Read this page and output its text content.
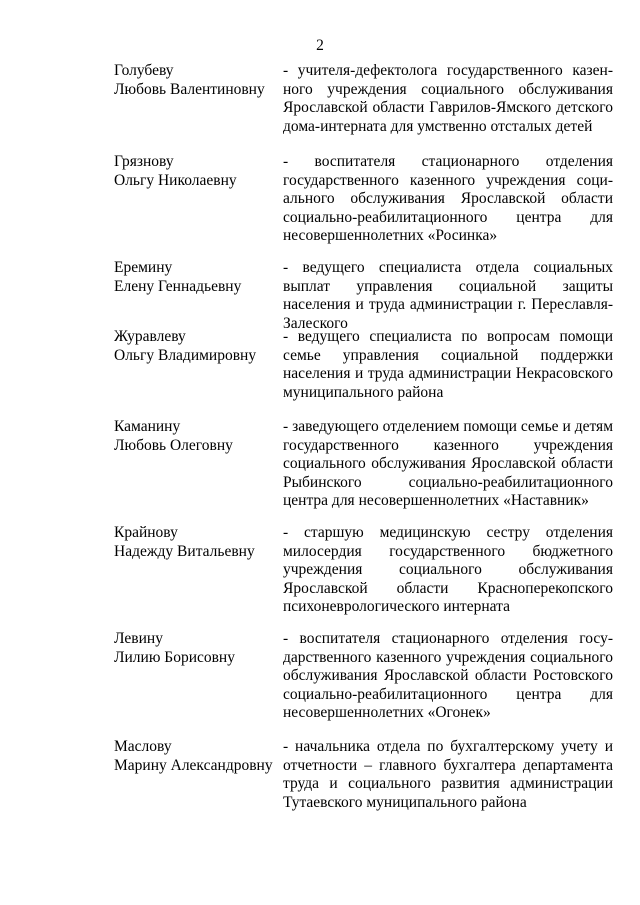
2
Голубеву
Любовь Валентиновну
- учителя-дефектолога государственного казенного учреждения социального обслуживания Ярославской области Гаврилов-Ямского детского дома-интерната для умственно отсталых детей
Грязнову
Ольгу Николаевну
- воспитателя стационарного отделения государственного казенного учреждения социального обслуживания Ярославской области социально-реабилитационного центра для несовершеннолетних «Росинка»
Еремину
Елену Геннадьевну
- ведущего специалиста отдела социальных выплат управления социальной защиты населения и труда администрации г. Переславля-Залеского
Журавлеву
Ольгу Владимировну
- ведущего специалиста по вопросам помощи семье управления социальной поддержки населения и труда администрации Некрасовского муниципального района
Каманину
Любовь Олеговну
- заведующего отделением помощи семье и детям государственного казенного учреждения социального обслуживания Ярославской области Рыбинского социально-реабилитационного центра для несовершеннолетних «Наставник»
Крайнову
Надежду Витальевну
- старшую медицинскую сестру отделения милосердия государственного бюджетного учреждения социального обслуживания Ярославской области Красноперекопского психоневрологического интерната
Левину
Лилию Борисовну
- воспитателя стационарного отделения государственного казенного учреждения социального обслуживания Ярославской области Ростовского социально-реабилитационного центра для несовершеннолетних «Огонек»
Маслову
Марину Александровну
- начальника отдела по бухгалтерскому учету и отчетности – главного бухгалтера департамента труда и социального развития администрации Тутаевского муниципального района
